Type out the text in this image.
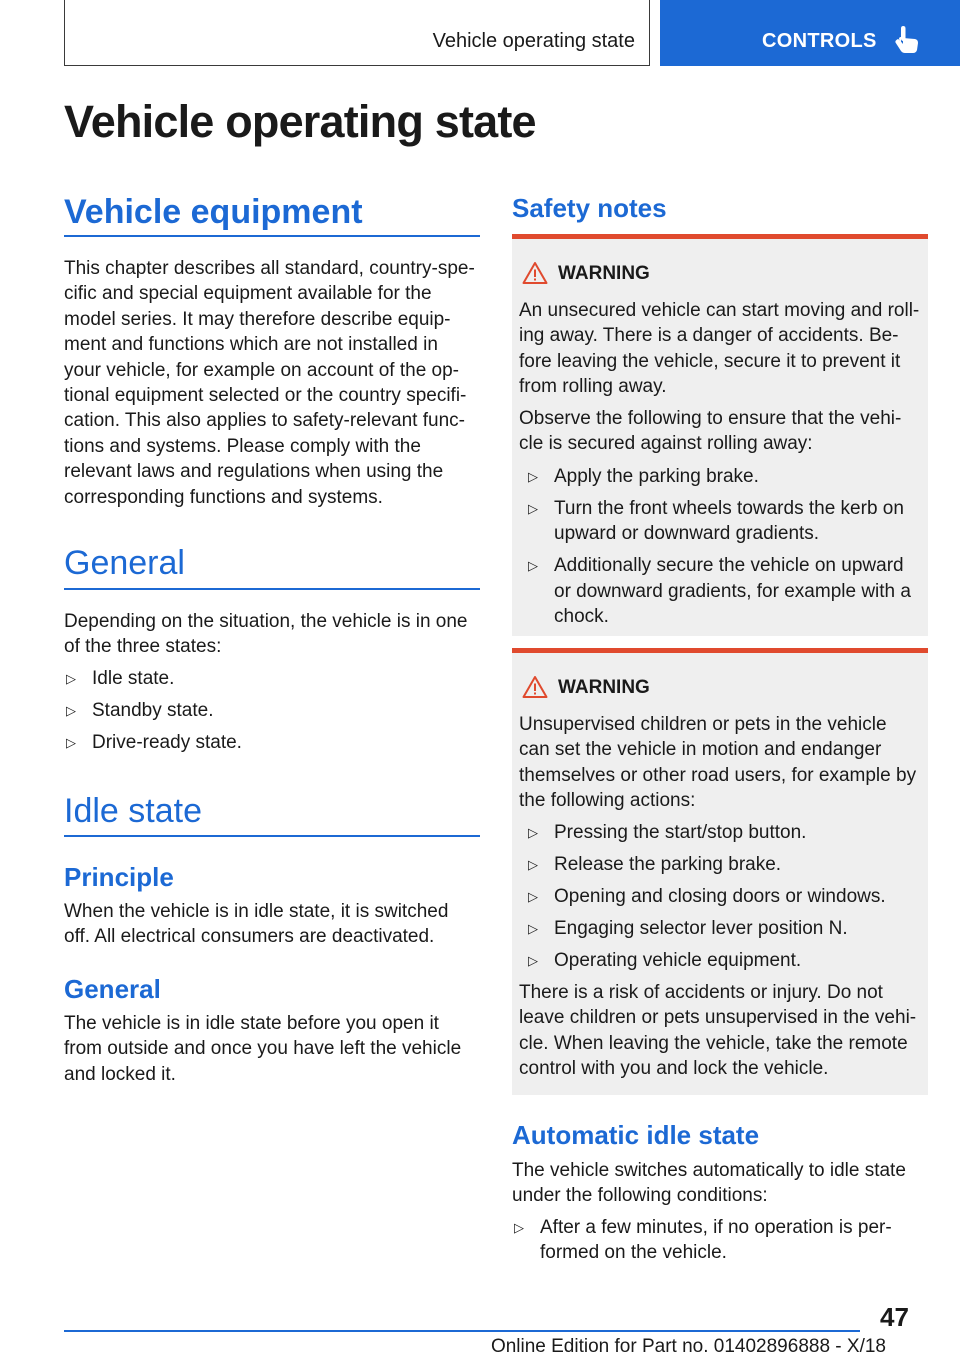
Vehicle operating state	CONTROLS
Vehicle operating state
Vehicle equipment

This chapter describes all standard, country-spe-
cific and special equipment available for the
model series. It may therefore describe equip-
ment and functions which are not installed in
your vehicle, for example on account of the op-
tional equipment selected or the country specifi-
cation. This also applies to safety-relevant func-
tions and systems. Please comply with the
relevant laws and regulations when using the
corresponding functions and systems.

General

Depending on the situation, the vehicle is in one
of the three states:

▷ Idle state.
▷ Standby state.
▷ Drive-ready state.
Idle state
Principle

When the vehicle is in idle state, it is switched
off. All electrical consumers are deactivated.

General

The vehicle is in idle state before you open it
from outside and once you have left the vehicle
and locked it.

Safety notes
WARNING

An unsecured vehicle can start moving and roll-
ing away. There is a danger of accidents. Be-
fore leaving the vehicle, secure it to prevent it
from rolling away.

Observe the following to ensure that the vehi-
cle is secured against rolling away:

▷ Apply the parking brake.
▷ Turn the front wheels towards the kerb on
upward or downward gradients.
▷ Additionally secure the vehicle on upward
or downward gradients, for example with a
chock.
WARNING

Unsupervised children or pets in the vehicle
can set the vehicle in motion and endanger
themselves or other road users, for example by
the following actions:

▷ Pressing the start/stop button.
▷ Release the parking brake.
▷ Opening and closing doors or windows.
▷ Engaging selector lever position N.
▷ Operating vehicle equipment.

There is a risk of accidents or injury. Do not
leave children or pets unsupervised in the vehi-
cle. When leaving the vehicle, take the remote
control with you and lock the vehicle.

Automatic idle state

The vehicle switches automatically to idle state
under the following conditions:

▷ After a few minutes, if no operation is per-
formed on the vehicle.
47
Online Edition for Part no. 01402896888 - X/18
